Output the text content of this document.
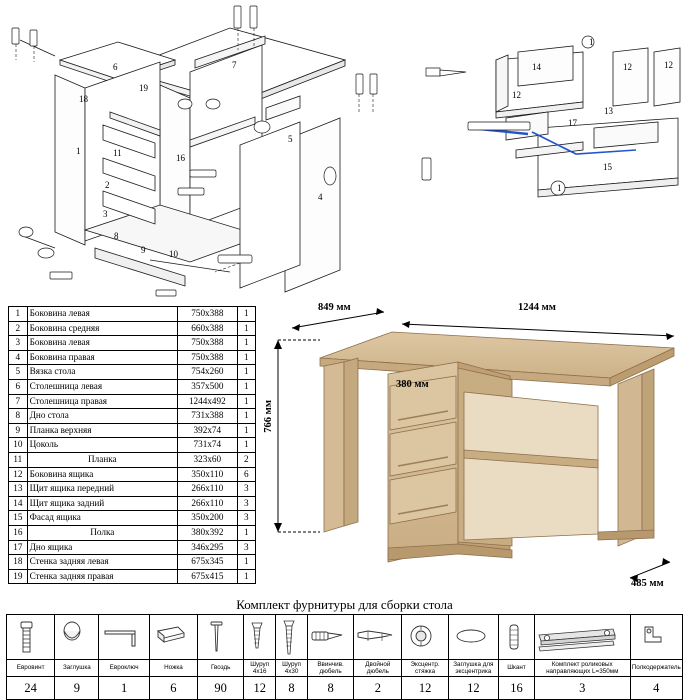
1
2
3
4
5
6	7
8
9	10
11	16
18
19
14	12	12
12
13
17
15
1
1
1	Боковина левая	750x388	1
2	Боковина средняя	660x388	1
3	Боковина левая	750x388	1
4	Боковина правая	750x388	1
5	Вязка стола	754x260	1
6	Столешница левая	357x500	1
7	Столешница правая	1244x492	1
8	Дно стола	731x388	1
9	Планка верхняя	392x74	1
10	Цоколь	731x74	1
11	Планка	323x60	2
12	Боковина ящика	350x110	6
13	Щит ящика передний	266х110	3
14	Щит ящика задний	266х110	3
15	Фасад ящика	350x200	3
16	Полка	380x392	1
17	Дно ящика	346x295	3
18	Стенка задняя левая	675x345	1
19	Стенка задняя правая	675x415	1
849 мм	1244 мм
766 мм
380 мм
485 мм
Комплект фурнитуры для сборки стола

Евровинт	Заглушка	Евроключ	Ножка	Гвоздь	Шуруп 4x16	Шуруп 4x30	Ввинчив. дюбель	Двойной дюбель	Эксцентр. стяжка	Заглушка для эксцентрика	Шкант	Комплект роликовых направляющих L=350мм	Полкодержатель
24	9	1	6	90	12	8	8	2	12	12	16	3	4
